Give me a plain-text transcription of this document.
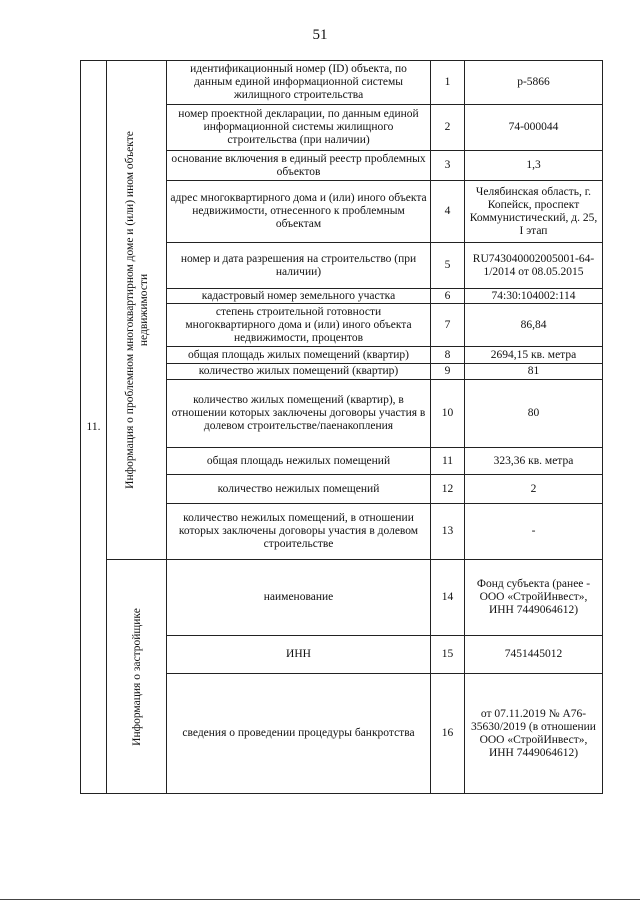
51
11.	Информация о проблемном многоквартирном доме и (или) ином объекте недвижимости	идентификационный номер (ID) объекта, по данным единой информационной системы жилищного строительства	1	р-5866
		номер проектной декларации, по данным единой информационной системы жилищного строительства (при наличии)	2	74-000044
		основание включения в единый реестр проблемных объектов	3	1,3
		адрес многоквартирного дома и (или) иного объекта недвижимости, отнесенного к проблемным объектам	4	Челябинская область, г. Копейск, проспект Коммунистический, д. 25, I этап
		номер и дата разрешения на строительство (при наличии)	5	RU743040002005001-64-1/2014 от 08.05.2015
		кадастровый номер земельного участка	6	74:30:104002:114
		степень строительной готовности многоквартирного дома и (или) иного объекта недвижимости, процентов	7	86,84
		общая площадь жилых помещений (квартир)	8	2694,15 кв. метра
		количество жилых помещений (квартир)	9	81
		количество жилых помещений (квартир), в отношении которых заключены договоры участия в долевом строительстве/паенакопления	10	80
		общая площадь нежилых помещений	11	323,36 кв. метра
		количество нежилых помещений	12	2
		количество нежилых помещений, в отношении которых заключены договоры участия в долевом строительстве	13	-

	Информация о застройщике	наименование	14	Фонд субъекта (ранее - ООО «СтройИнвест», ИНН 7449064612)
		ИНН	15	7451445012
		сведения о проведении процедуры банкротства	16	от 07.11.2019 № А76-35630/2019 (в отношении ООО «СтройИнвест», ИНН 7449064612)
